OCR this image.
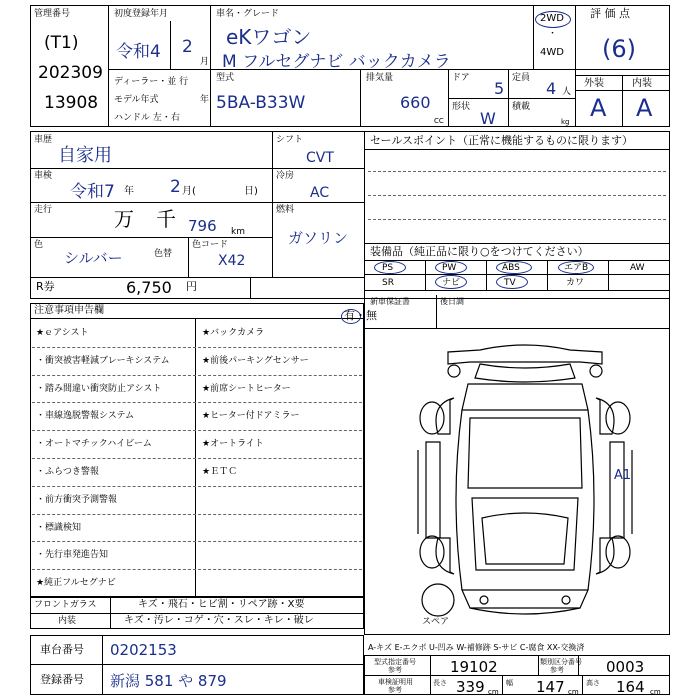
管理番号
(T1)
202309
13908
初度登録年月
令和4 2
月
車名・グレード
eKワゴン
M フルセグナビ バックカメラ
2WD
・
4WD
評 価 点
(6)
外装	内装
A A
ディーラー・並 行
モデル年式	年
ハンドル 左・右
型式
5BA-B33W
排気量
660
CC
ドア
5
定員
4 人
形状
W
積載
kg
車歴
自家用
車検
令和7 年 2 月(	日)
走行	万 千 796 km
色
シルバー	色替
色コード
X42
シフト
CVT
冷房
AC
燃料
ガソリン
R券	6,750 円
セールスポイント（正常に機能するものに限ります）
装備品（純正品に限り○をつけてください）
PS	PW	ABS	エアB	AW
SR	ナビ	TV	カワ
注意事項申告欄
新車保証書
有・無
後日調
A1
スペア
フロントガラス	キズ・飛石・ヒビ割・リペア跡・X要
内装	キズ・汚レ・コゲ・穴・スレ・キレ・破レ
車台番号 0202153
登録番号 新潟 581 や 879
A-キズ E-エクボ U-凹み W-補修跡 S-サビ C-腐食 XX-交換済
型式指定番号
参考	19102	類別区分番号
参考	0003
車検証明用
参考
長さ 339 cm
幅 147 cm
高さ 164 cm
★ｅアシスト	★バックカメラ
・衝突被害軽減ブレーキシステム	★前後パーキングセンサー
・踏み間違い衝突防止アシスト	★前席シートヒーター
・車線逸脱警報システム	★ヒーター付ドアミラー
・オートマチックハイビーム	★オートライト
・ふらつき警報	★ＥＴＣ
・前方衝突予測警報
・標識検知
・先行車発進告知
★純正フルセグナビ
